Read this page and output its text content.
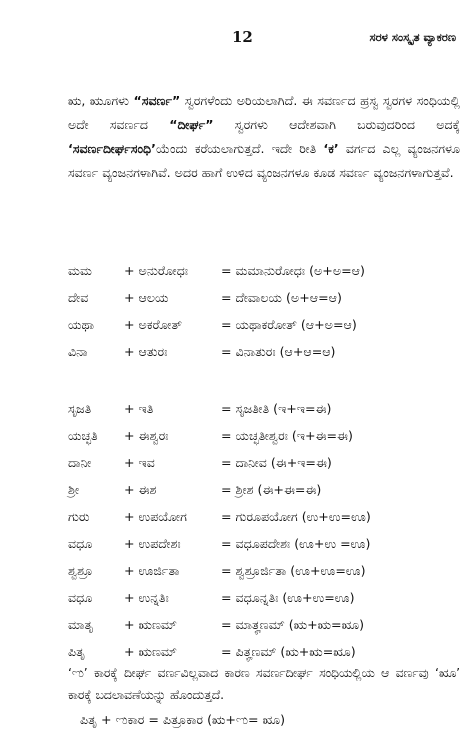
12	ಸರಳ ಸಂಸ್ಕೃತ ವ್ಯಾಕರಣ
ಋ, ಋೂಗಳು “ಸವರ್ಣ” ಸ್ವರಗಳೆಂದು ಅರಿಯಲಾಗಿದೆ. ಈ ಸವರ್ಣದ ಹ್ರಸ್ವ ಸ್ವರಗಳ ಸಂಧಿಯಲ್ಲಿ ಅದೇ ಸವರ್ಣದ “ದೀರ್ಘ” ಸ್ವರಗಳು ಆದೇಶವಾಗಿ ಬರುವುದರಿಂದ ಅದಕ್ಕೆ ‘ಸವರ್ಣದೀರ್ಘಸಂಧಿ’ಯೆಂದು ಕರೆಯಲಾಗುತ್ತದೆ. ಇದೇ ರೀತಿ ‘ಕ’ ವರ್ಗದ ಎಲ್ಲ ವ್ಯಂಜನಗಳೂ ಸವರ್ಣ ವ್ಯಂಜನಗಳಾಗಿವೆ. ಅದರ ಹಾಗೆ ಉಳಿದ ವ್ಯಂಜನಗಳೂ ಕೂಡ ಸವರ್ಣ ವ್ಯಂಜನಗಳಾಗುತ್ತವೆ.
ಮಮ	+ ಅನುರೋಧಃ	= ಮಮಾನುರೋಧಃ (ಅ+ಅ=ಆ)
ದೇವ	+ ಆಲಯ	= ದೇವಾಲಯ (ಅ+ಆ=ಆ)
ಯಥಾ + ಅಕರೋತ್	= ಯಥಾಕರೋತ್ (ಆ+ಅ=ಆ)
ವಿನಾ	+ ಆತುರಃ	= ವಿನಾತುರಃ (ಆ+ಆ=ಆ)
ಸೃಜತಿ	+ ಇತಿ	= ಸೃಜತೀತಿ (ಇ+ಇ=ಈ)
ಯಚ್ಛತಿ + ಈಶ್ವರಃ	= ಯಚ್ಛತೀಶ್ವರಃ (ಇ+ಈ=ಈ)
ದಾನೀ	+ ಇವ	= ದಾನೀವ (ಈ+ಇ=ಈ)
ಶ್ರೀ	+ ಈಶ	= ಶ್ರೀಶ (ಈ+ಈ=ಈ)
ಗುರು	+ ಉಪಯೋಗ	= ಗುರೂಪಯೋಗ (ಉ+ಉ=ಊ)
ವಧೂ	+ ಉಪದೇಶಃ	= ವಧೂಪದೇಶಃ (ಊ+ಉ =ಊ)
ಶ್ವಶ್ರೂ + ಊರ್ಜಿತಾ	= ಶ್ವಶ್ರೂರ್ಜಿತಾ (ಊ+ಊ=ಊ)
ವಧೂ	+ ಉನ್ನತಿಃ	= ವಧೂನ್ನತಿಃ (ಊ+ಉ=ಊ)
ಮಾತೃ + ಋಣಮ್	= ಮಾತೄಣಮ್ (ಋ+ಋ=ೠ)
ಪಿತೃ	+ ಋಣಮ್	= ಪಿತೄಣಮ್ (ಋ+ಋ=ೠ)
‘ಌ’ ಕಾರಕ್ಕೆ ದೀರ್ಘ ವರ್ಣವಿಲ್ಲವಾದ ಕಾರಣ ಸವರ್ಣದೀರ್ಘ ಸಂಧಿಯಲ್ಲಿಯ ಆ ವರ್ಣವು ‘ೠ’ ಕಾರಕ್ಕೆ ಬದಲಾವಣೆಯನ್ನು ಹೊಂದುತ್ತದೆ.
ಪಿತೃ + ಌಕಾರ = ಪಿತ್ರೂಕಾರ (ಋ+ಌ= ೠ)
